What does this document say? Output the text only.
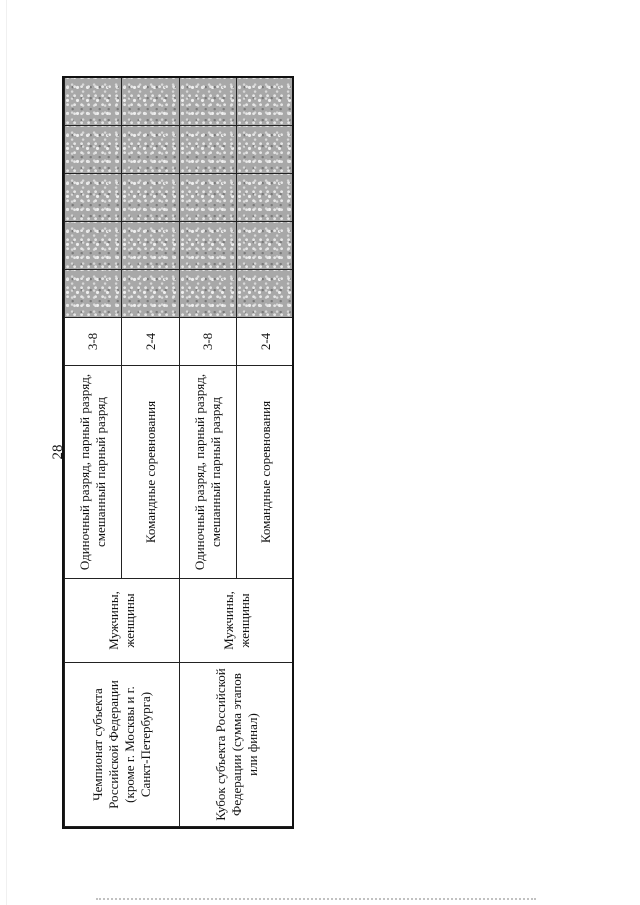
28
Чемпионат субъекта Российской Федерации (кроме г. Москвы и г. Санкт-Петербурга)	Мужчины, женщины	Одиночный разряд, парный разряд, смешанный парный разряд	3-8					
		Командные соревнования	2-4					
Кубок субъекта Российской Федерации (сумма этапов или финал)	Мужчины, женщины	Одиночный разряд, парный разряд, смешанный парный разряд	3-8					
		Командные соревнования	2-4					
